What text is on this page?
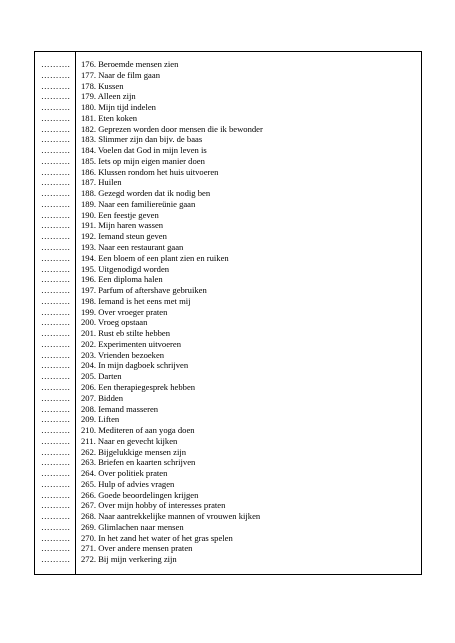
……….	176. Beroemde mensen zien
……….	177. Naar de film gaan
……….	178. Kussen
……….	179. Alleen zijn
……….	180. Mijn tijd indelen
……….	181. Eten koken
……….	182. Geprezen worden door mensen die ik bewonder
……….	183. Slimmer zijn dan bijv. de baas
……….	184. Voelen dat God in mijn leven is
……….	185. Iets op mijn eigen manier doen
……….	186. Klussen rondom het huis uitvoeren
……….	187. Huilen
……….	188. Gezegd worden dat ik nodig ben
……….	189. Naar een familiereünie gaan
……….	190. Een feestje geven
……….	191. Mijn haren wassen
……….	192. Iemand steun geven
……….	193. Naar een restaurant gaan
……….	194. Een bloem of een plant zien en ruiken
……….	195. Uitgenodigd worden
……….	196. Een diploma halen
……….	197. Parfum of aftershave gebruiken
……….	198. Iemand is het eens met mij
……….	199. Over vroeger praten
……….	200. Vroeg opstaan
……….	201. Rust eb stilte hebben
……….	202. Experimenten uitvoeren
……….	203. Vrienden bezoeken
……….	204. In mijn dagboek schrijven
……….	205. Darten
……….	206. Een therapiegesprek hebben
……….	207. Bidden
……….	208. Iemand masseren
……….	209. Liften
……….	210. Mediteren of aan yoga doen
……….	211. Naar en gevecht kijken
……….	262. Bijgelukkige mensen zijn
……….	263. Briefen en kaarten schrijven
……….	264. Over politiek praten
……….	265. Hulp of advies vragen
……….	266. Goede beoordelingen krijgen
……….	267. Over mijn hobby of interesses praten
……….	268. Naar aantrekkelijke mannen of vrouwen kijken
……….	269. Glimlachen naar mensen
……….	270. In het zand het water of het gras spelen
……….	271. Over andere mensen praten
……….	272. Bij mijn verkering zijn
